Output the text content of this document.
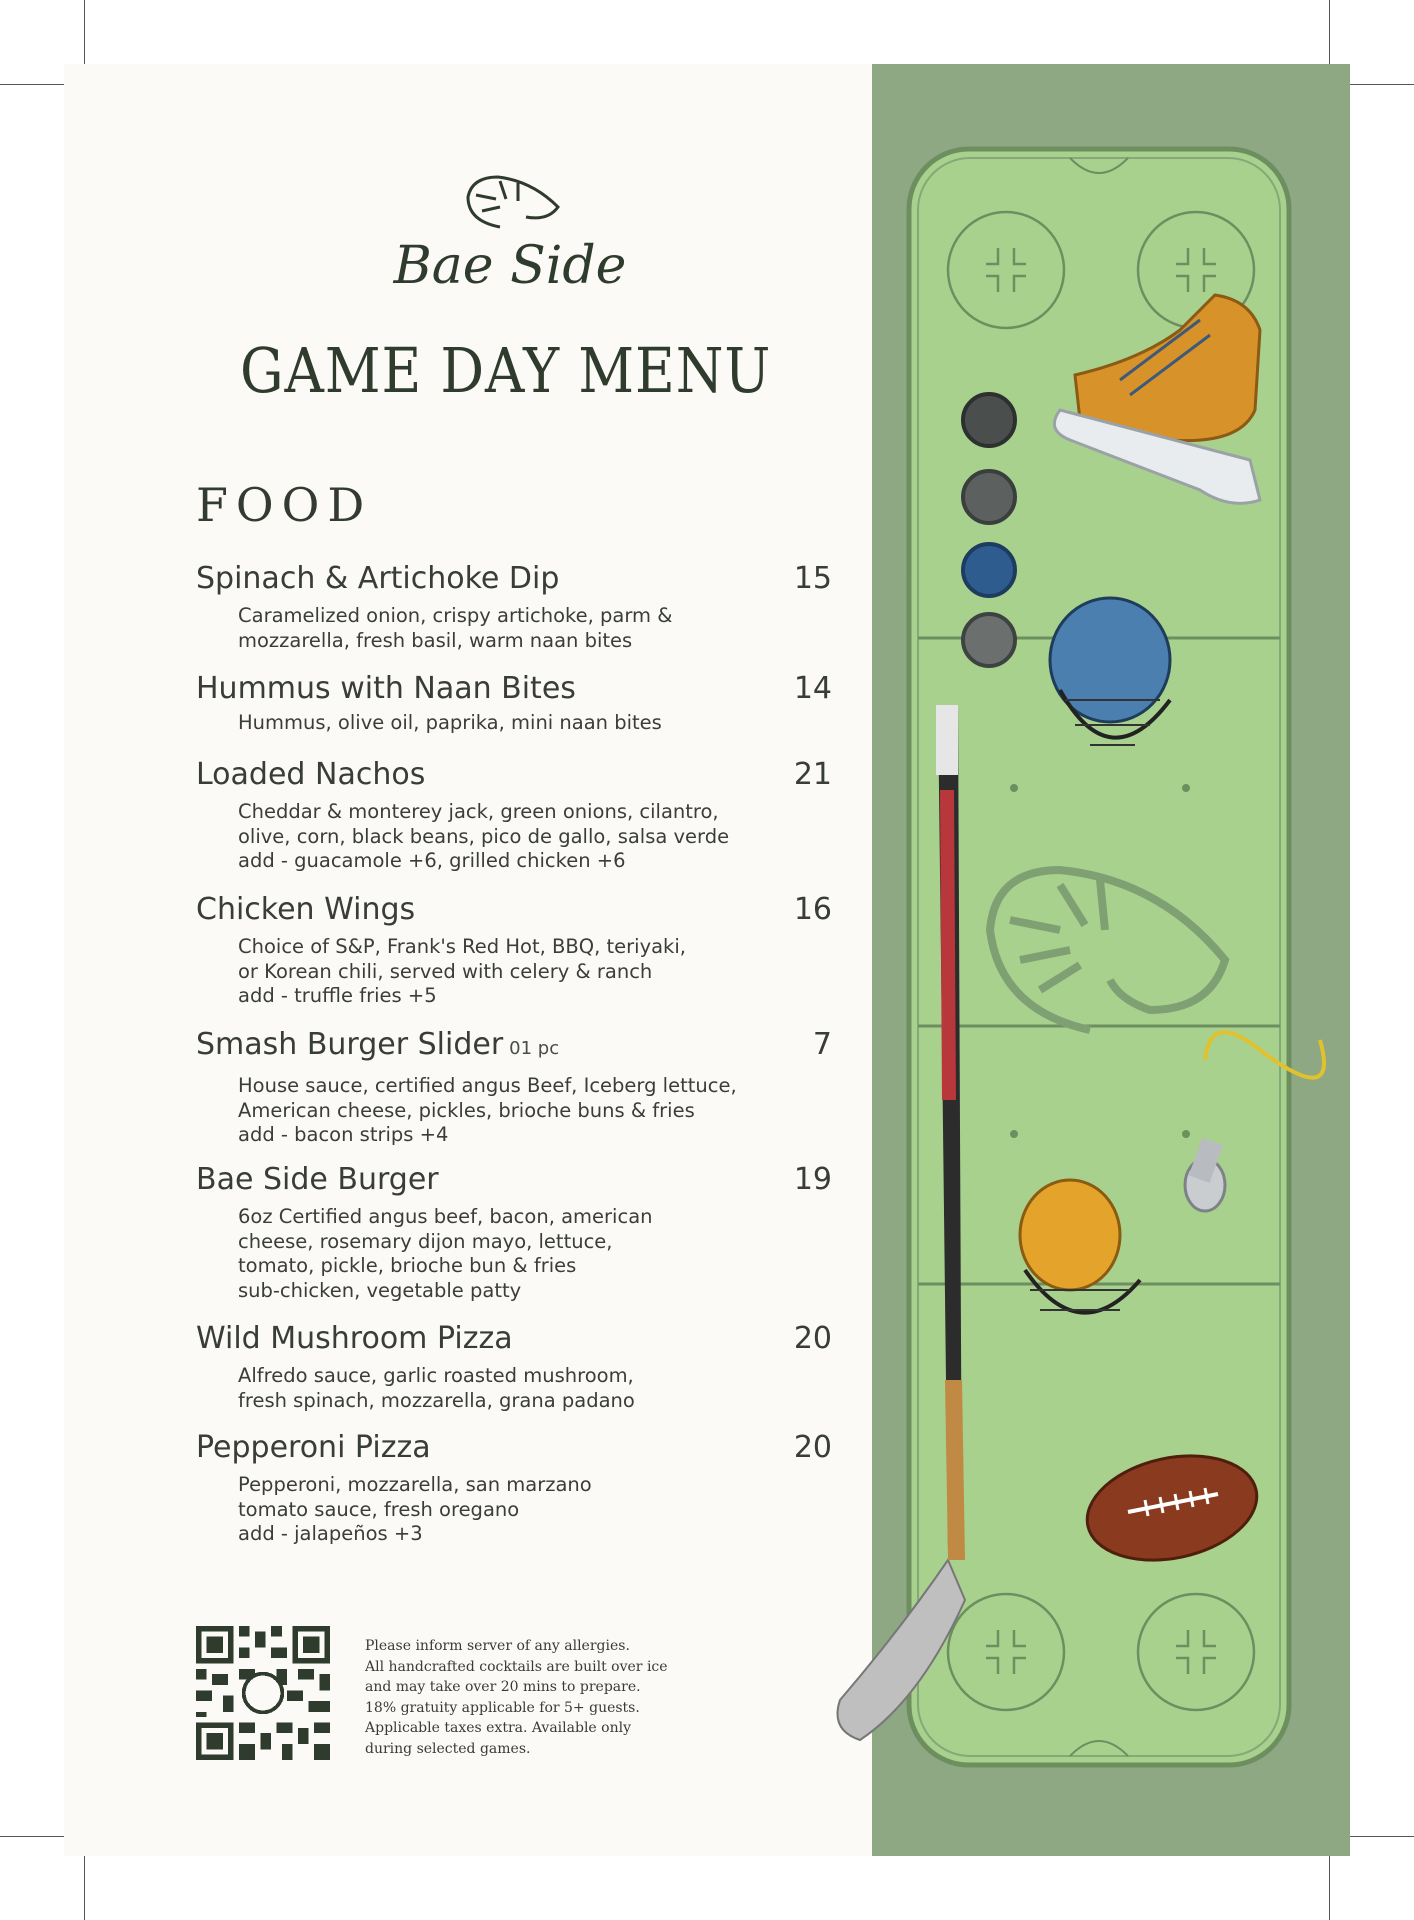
Bae Side
GAME DAY MENU
FOOD
Spinach & Artichoke Dip	15
Caramelized onion, crispy artichoke, parm &
mozzarella, fresh basil, warm naan bites
Hummus with Naan Bites	14
Hummus, olive oil, paprika, mini naan bites
Loaded Nachos	21
Cheddar & monterey jack, green onions, cilantro,
olive, corn, black beans, pico de gallo, salsa verde
add - guacamole +6, grilled chicken +6
Chicken Wings	16
Choice of S&P, Frank's Red Hot, BBQ, teriyaki,
or Korean chili, served with celery & ranch
add - truffle fries +5
Smash Burger Slider 01 pc	7
House sauce, certified angus Beef, Iceberg lettuce,
American cheese, pickles, brioche buns & fries
add - bacon strips +4
Bae Side Burger	19
6oz Certified angus beef, bacon, american
cheese, rosemary dijon mayo, lettuce,
tomato, pickle, brioche bun & fries
sub-chicken, vegetable patty
Wild Mushroom Pizza	20
Alfredo sauce, garlic roasted mushroom,
fresh spinach, mozzarella, grana padano
Pepperoni Pizza	20
Pepperoni, mozzarella, san marzano
tomato sauce, fresh oregano
add - jalapeños +3
Please inform server of any allergies.
All handcrafted cocktails are built over ice
and may take over 20 mins to prepare.
18% gratuity applicable for 5+ guests.
Applicable taxes extra. Available only
during selected games.
